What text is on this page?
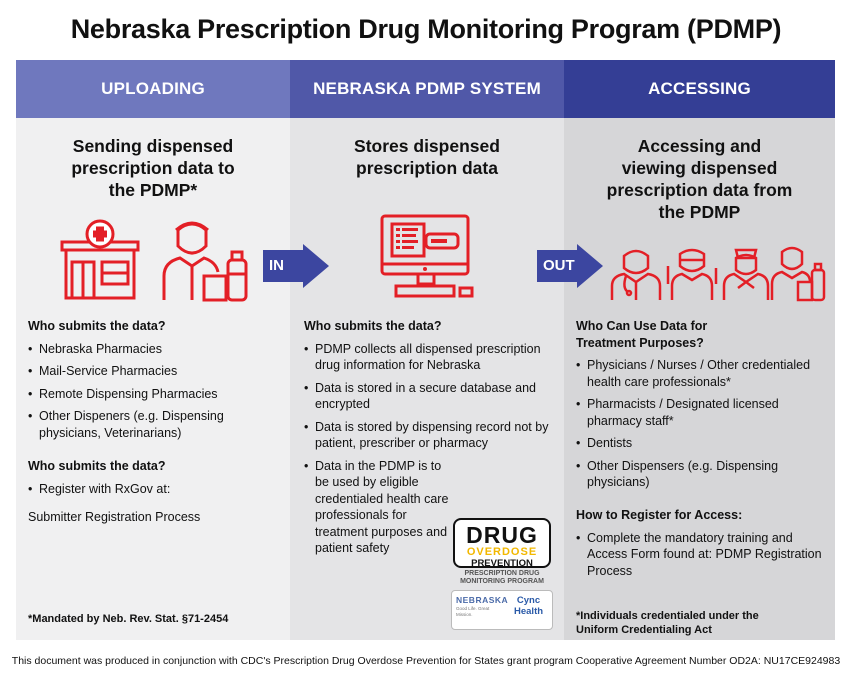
Nebraska Prescription Drug Monitoring Program (PDMP)
UPLOADING
Sending dispensed
prescription data to
the PDMP*
Who submits the data?
• Nebraska Pharmacies
• Mail-Service Pharmacies
• Remote Dispensing Pharmacies
• Other Dispeners (e.g. Dispensing physicians, Veterinarians)
Who submits the data?
• Register with RxGov at:
Submitter Registration Process
*Mandated by Neb. Rev. Stat. §71-2454
NEBRASKA PDMP SYSTEM
Stores dispensed
prescription data
Who submits the data?
• PDMP collects all dispensed prescription drug information for Nebraska
• Data is stored in a secure database and encrypted
• Data is stored by dispensing record not by patient, prescriber or pharmacy
• Data in the PDMP is to be used by eligible credentialed health care professionals for treatment purposes and patient safety
ACCESSING
Accessing and
viewing dispensed
prescription data from
the PDMP
Who Can Use Data for Treatment Purposes?
• Physicians / Nurses / Other credentialed health care professionals*
• Pharmacists / Designated licensed pharmacy staff*
• Dentists
• Other Dispensers (e.g. Dispensing physicians)
How to Register for Access:
• Complete the mandatory training and Access Form found at: PDMP Registration Process
*Individuals credentialed under the Uniform Credentialing Act
IN	OUT
DRUG
OVERDOSE
PREVENTION
PRESCRIPTION DRUG
MONITORING PROGRAM
NEBRASKA
Good Life. Great Mission.
Cync
Health
This document was produced in conjunction with CDC's Prescription Drug Overdose Prevention for States grant program Cooperative Agreement Number OD2A: NU17CE924983
